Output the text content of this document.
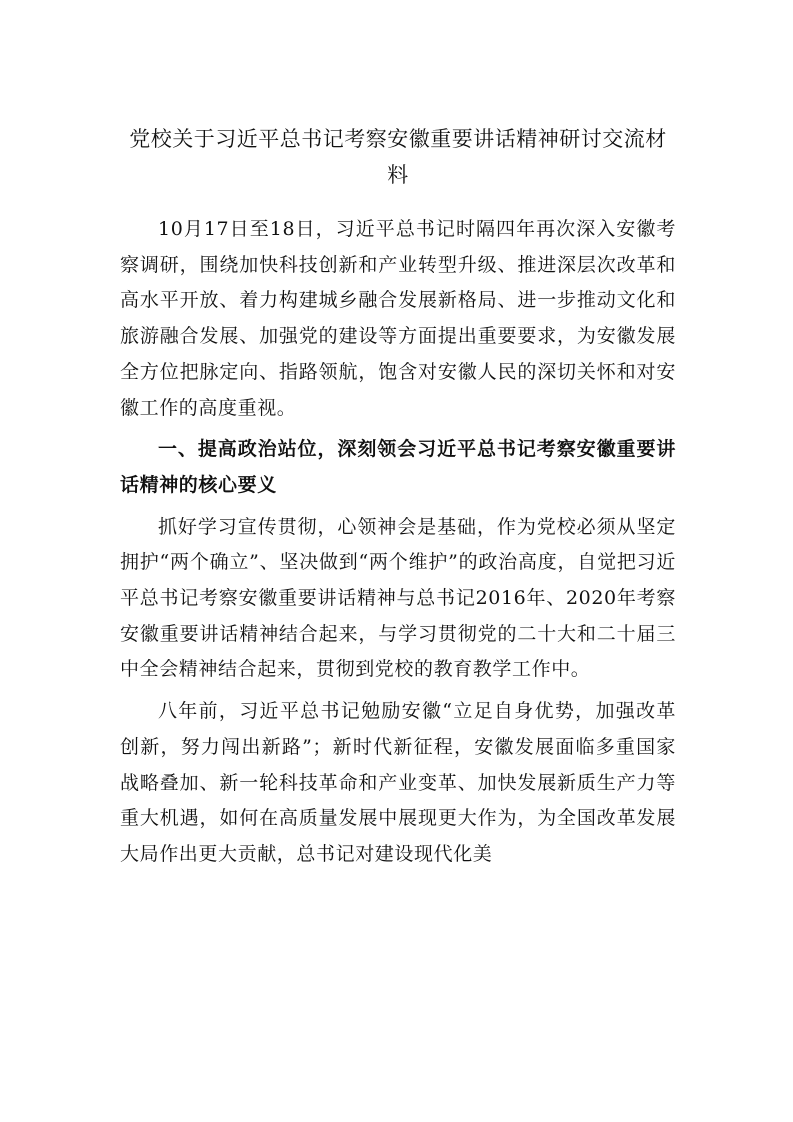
党校关于习近平总书记考察安徽重要讲话精神研讨交流材料

10月17日至18日，习近平总书记时隔四年再次深入安徽考察调研，围绕加快科技创新和产业转型升级、推进深层次改革和高水平开放、着力构建城乡融合发展新格局、进一步推动文化和旅游融合发展、加强党的建设等方面提出重要要求，为安徽发展全方位把脉定向、指路领航，饱含对安徽人民的深切关怀和对安徽工作的高度重视。

一、提高政治站位，深刻领会习近平总书记考察安徽重要讲话精神的核心要义

抓好学习宣传贯彻，心领神会是基础，作为党校必须从坚定拥护“两个确立”、坚决做到“两个维护”的政治高度，自觉把习近平总书记考察安徽重要讲话精神与总书记2016年、2020年考察安徽重要讲话精神结合起来，与学习贯彻党的二十大和二十届三中全会精神结合起来，贯彻到党校的教育教学工作中。

八年前，习近平总书记勉励安徽“立足自身优势，加强改革创新，努力闯出新路”；新时代新征程，安徽发展面临多重国家战略叠加、新一轮科技革命和产业变革、加快发展新质生产力等重大机遇，如何在高质量发展中展现更大作为，为全国改革发展大局作出更大贡献，总书记对建设现代化美
